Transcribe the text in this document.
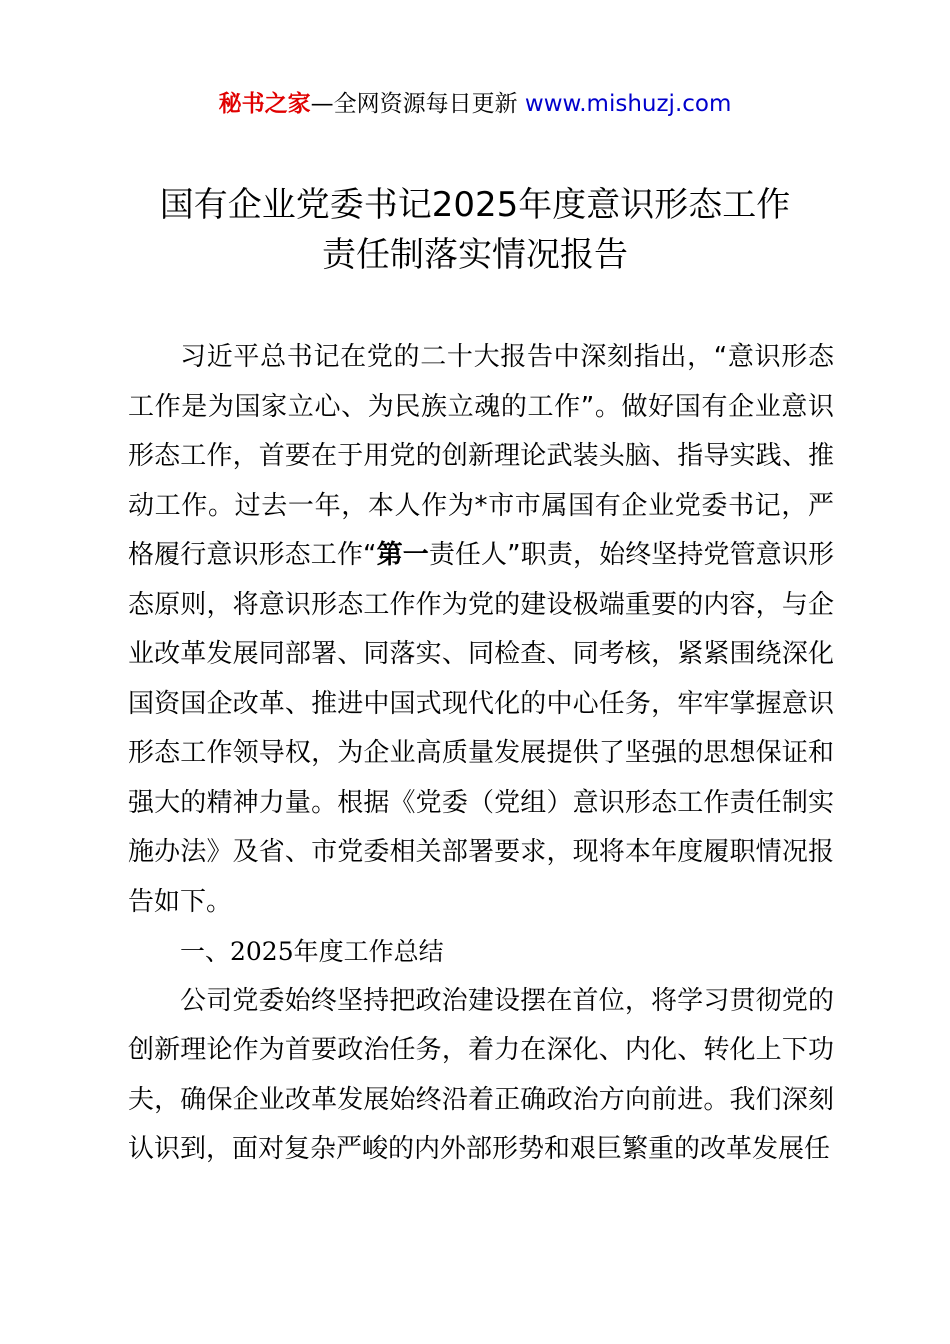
秘书之家—全网资源每日更新 www.mishuzj.com
国有企业党委书记2025年度意识形态工作
责任制落实情况报告

习近平总书记在党的二十大报告中深刻指出，“意识形态工作是为国家立心、为民族立魂的工作”。做好国有企业意识形态工作，首要在于用党的创新理论武装头脑、指导实践、推动工作。过去一年，本人作为*市市属国有企业党委书记，严格履行意识形态工作“第一责任人”职责，始终坚持党管意识形态原则，将意识形态工作作为党的建设极端重要的内容，与企业改革发展同部署、同落实、同检查、同考核，紧紧围绕深化国资国企改革、推进中国式现代化的中心任务，牢牢掌握意识形态工作领导权，为企业高质量发展提供了坚强的思想保证和强大的精神力量。根据《党委（党组）意识形态工作责任制实施办法》及省、市党委相关部署要求，现将本年度履职情况报告如下。

一、2025年度工作总结

公司党委始终坚持把政治建设摆在首位，将学习贯彻党的创新理论作为首要政治任务，着力在深化、内化、转化上下功夫，确保企业改革发展始终沿着正确政治方向前进。我们深刻认识到，面对复杂严峻的内外部形势和艰巨繁重的改革发展任
